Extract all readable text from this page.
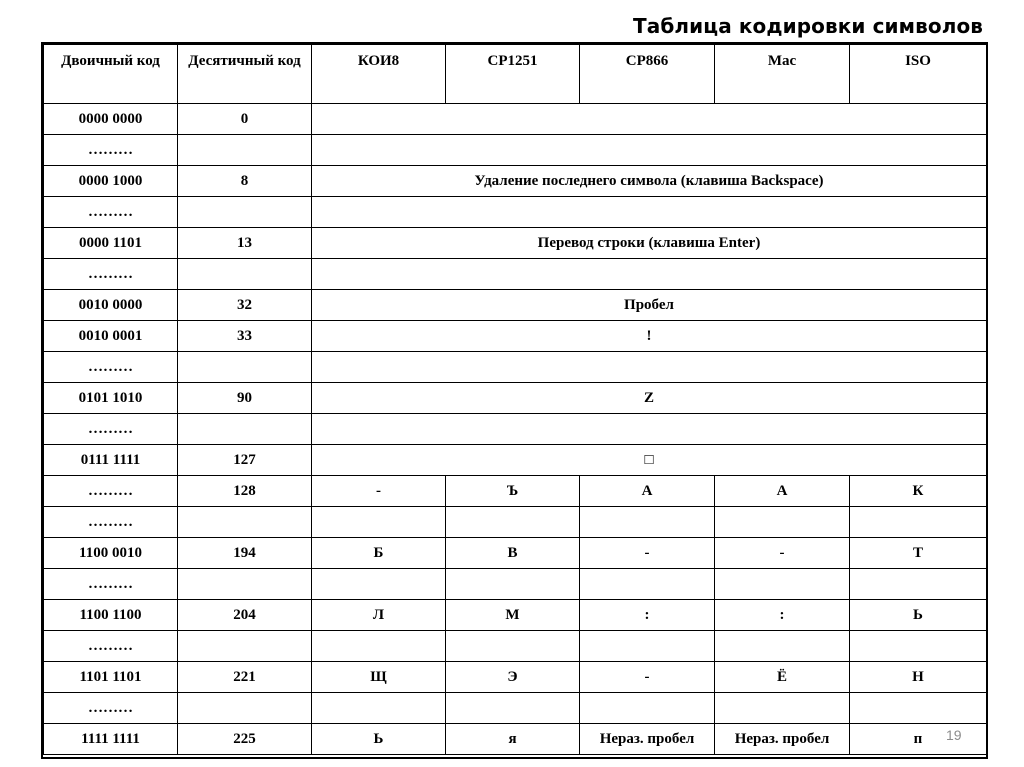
Таблица кодировки символов
Двоичный код	Десятичный код	КОИ8	CP1251	CP866	Mac	ISO
0000 0000	0					
………						
0000 1000	8	Удаление последнего символа (клавиша Backspace)				
………						
0000 1101	13	Перевод строки (клавиша Enter)				
………						
0010 0000	32	Пробел				
0010 0001	33	!				
………						
0101 1010	90	Z				
………						
0111 1111	127	□				
………	128	-	Ъ	А	А	К
………						
1100 0010	194	Б	В	-	-	Т
………						
1100 1100	204	Л	М	:	:	Ь
………						
1101 1101	221	Щ	Э	-	Ё	Н
………						
1111 1111	225	Ь	я	Нераз. пробел	Нераз. пробел	п 19
